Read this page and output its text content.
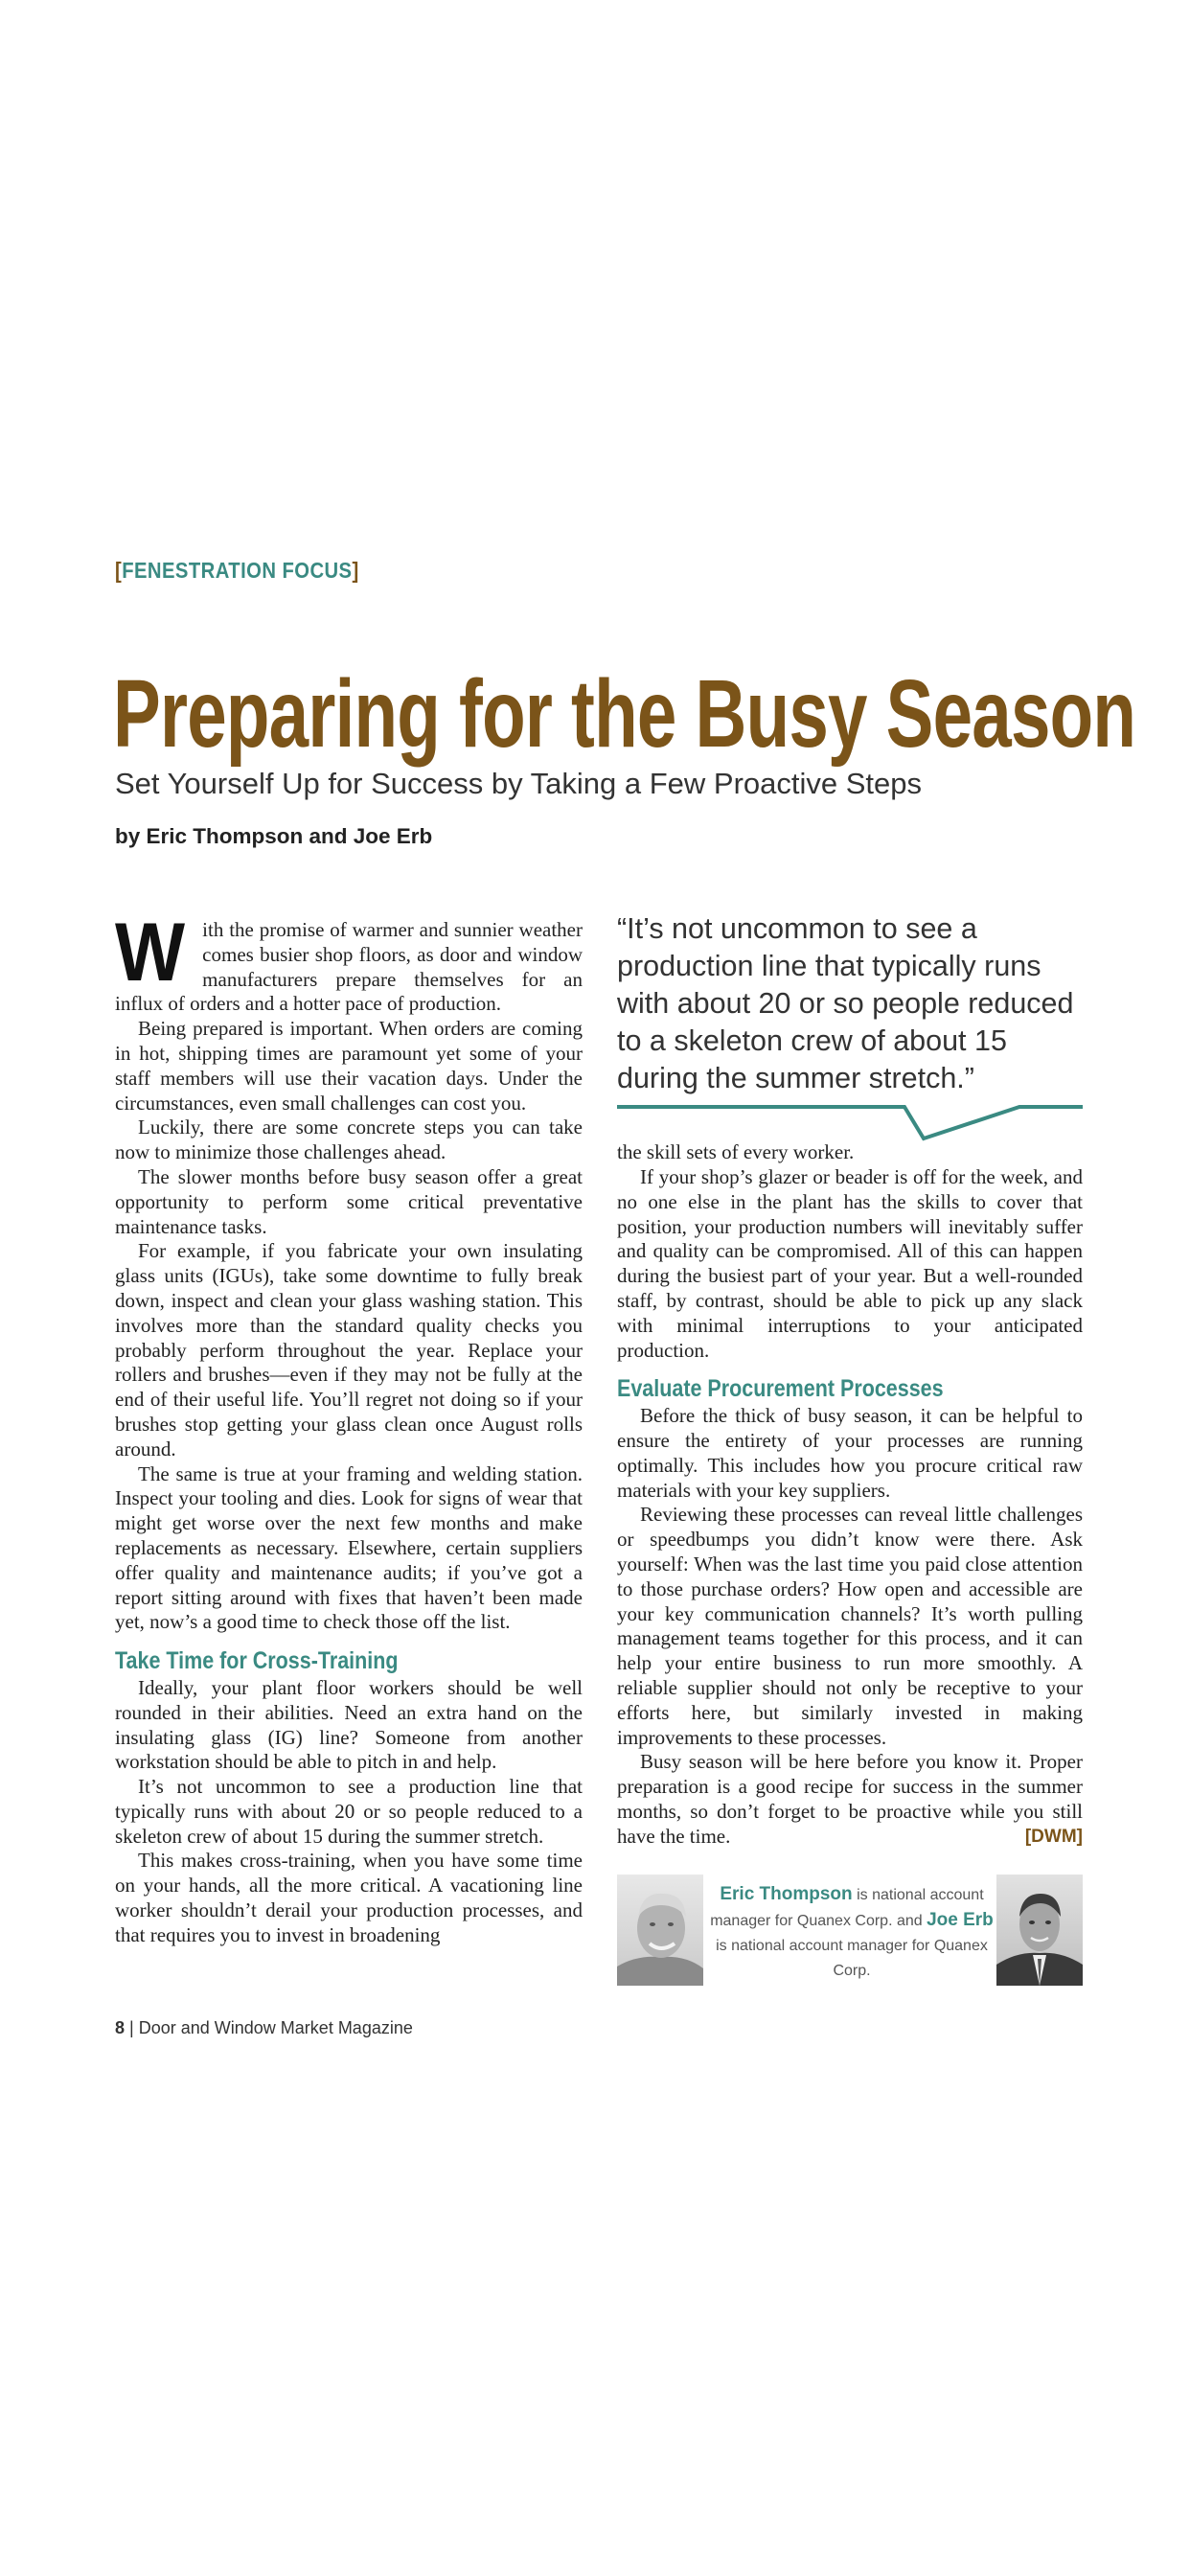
[FENESTRATION FOCUS]
Preparing for the Busy Season
Set Yourself Up for Success by Taking a Few Proactive Steps
by Eric Thompson and Joe Erb

With the promise of warmer and sunnier weather comes busier shop floors, as door and window manufacturers prepare themselves for an influx of orders and a hotter pace of production.

Being prepared is important. When orders are coming in hot, shipping times are paramount yet some of your staff members will use their vacation days. Under the circumstances, even small challenges can cost you.

Luckily, there are some concrete steps you can take now to minimize those challenges ahead.

The slower months before busy season offer a great opportunity to perform some critical preventative maintenance tasks.

For example, if you fabricate your own insulating glass units (IGUs), take some downtime to fully break down, inspect and clean your glass washing station. This involves more than the standard quality checks you probably perform throughout the year. Replace your rollers and brushes—even if they may not be fully at the end of their useful life. You’ll regret not doing so if your brushes stop getting your glass clean once August rolls around.

The same is true at your framing and welding station. Inspect your tooling and dies. Look for signs of wear that might get worse over the next few months and make replacements as necessary. Elsewhere, certain suppliers offer quality and maintenance audits; if you’ve got a report sitting around with fixes that haven’t been made yet, now’s a good time to check those off the list.

Take Time for Cross-Training

Ideally, your plant floor workers should be well rounded in their abilities. Need an extra hand on the insulating glass (IG) line? Someone from another workstation should be able to pitch in and help.

It’s not uncommon to see a production line that typically runs with about 20 or so people reduced to a skeleton crew of about 15 during the summer stretch.

This makes cross-training, when you have some time on your hands, all the more critical. A vacationing line worker shouldn’t derail your production processes, and that requires you to invest in broadening

“It’s not uncommon to see a production line that typically runs with about 20 or so people reduced to a skeleton crew of about 15 during the summer stretch.”
the skill sets of every worker.

If your shop’s glazer or beader is off for the week, and no one else in the plant has the skills to cover that position, your production numbers will inevitably suffer and quality can be compromised. All of this can happen during the busiest part of your year. But a well-rounded staff, by contrast, should be able to pick up any slack with minimal interruptions to your anticipated production.

Evaluate Procurement Processes

Before the thick of busy season, it can be helpful to ensure the entirety of your processes are running optimally. This includes how you procure critical raw materials with your key suppliers.

Reviewing these processes can reveal little challenges or speedbumps you didn’t know were there. Ask yourself: When was the last time you paid close attention to those purchase orders? How open and accessible are your key communication channels? It’s worth pulling management teams together for this process, and it can help your entire business to run more smoothly. A reliable supplier should not only be receptive to your efforts here, but similarly invested in making improvements to these processes.

Busy season will be here before you know it. Proper preparation is a good recipe for success in the summer months, so don’t forget to be proactive while you still have the time.	[DWM]

Eric Thompson is national account manager for Quanex Corp. and Joe Erb is national account manager for Quanex Corp.
8 | Door and Window Market Magazine
